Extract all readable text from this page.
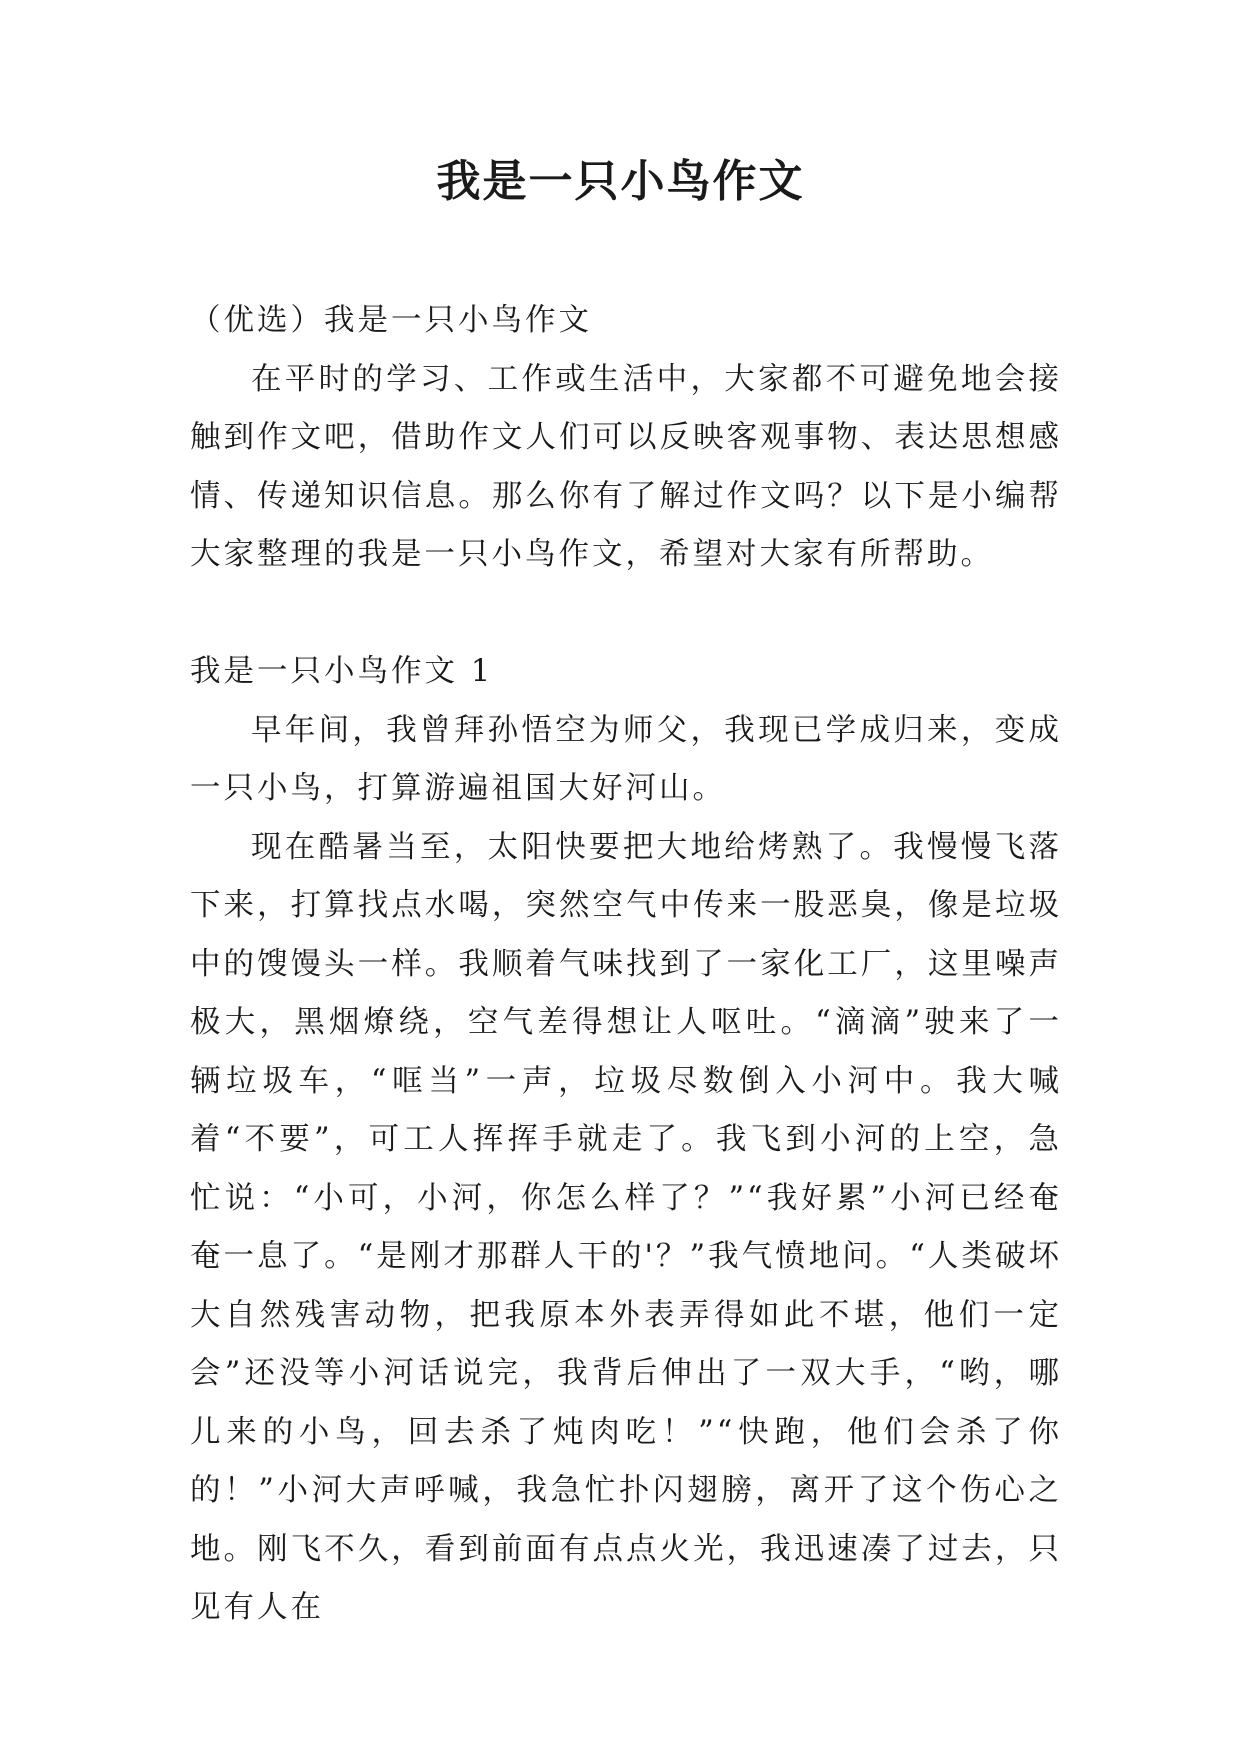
我是一只小鸟作文

（优选）我是一只小鸟作文

在平时的学习、工作或生活中，大家都不可避免地会接触到作文吧，借助作文人们可以反映客观事物、表达思想感情、传递知识信息。那么你有了解过作文吗？以下是小编帮大家整理的我是一只小鸟作文，希望对大家有所帮助。

我是一只小鸟作文 1

早年间，我曾拜孙悟空为师父，我现已学成归来，变成一只小鸟，打算游遍祖国大好河山。

现在酷暑当至，太阳快要把大地给烤熟了。我慢慢飞落下来，打算找点水喝，突然空气中传来一股恶臭，像是垃圾中的馊馒头一样。我顺着气味找到了一家化工厂，这里噪声极大，黑烟燎绕，空气差得想让人呕吐。“滴滴”驶来了一辆垃圾车，“哐当”一声，垃圾尽数倒入小河中。我大喊着“不要”，可工人挥挥手就走了。我飞到小河的上空，急忙说：“小可，小河，你怎么样了？”“我好累”小河已经奄奄一息了。“是刚才那群人干的'？”我气愤地问。“人类破坏大自然残害动物，把我原本外表弄得如此不堪，他们一定会”还没等小河话说完，我背后伸出了一双大手，“哟，哪儿来的小鸟，回去杀了炖肉吃！”“快跑，他们会杀了你的！”小河大声呼喊，我急忙扑闪翅膀，离开了这个伤心之地。刚飞不久，看到前面有点点火光，我迅速凑了过去，只见有人在
